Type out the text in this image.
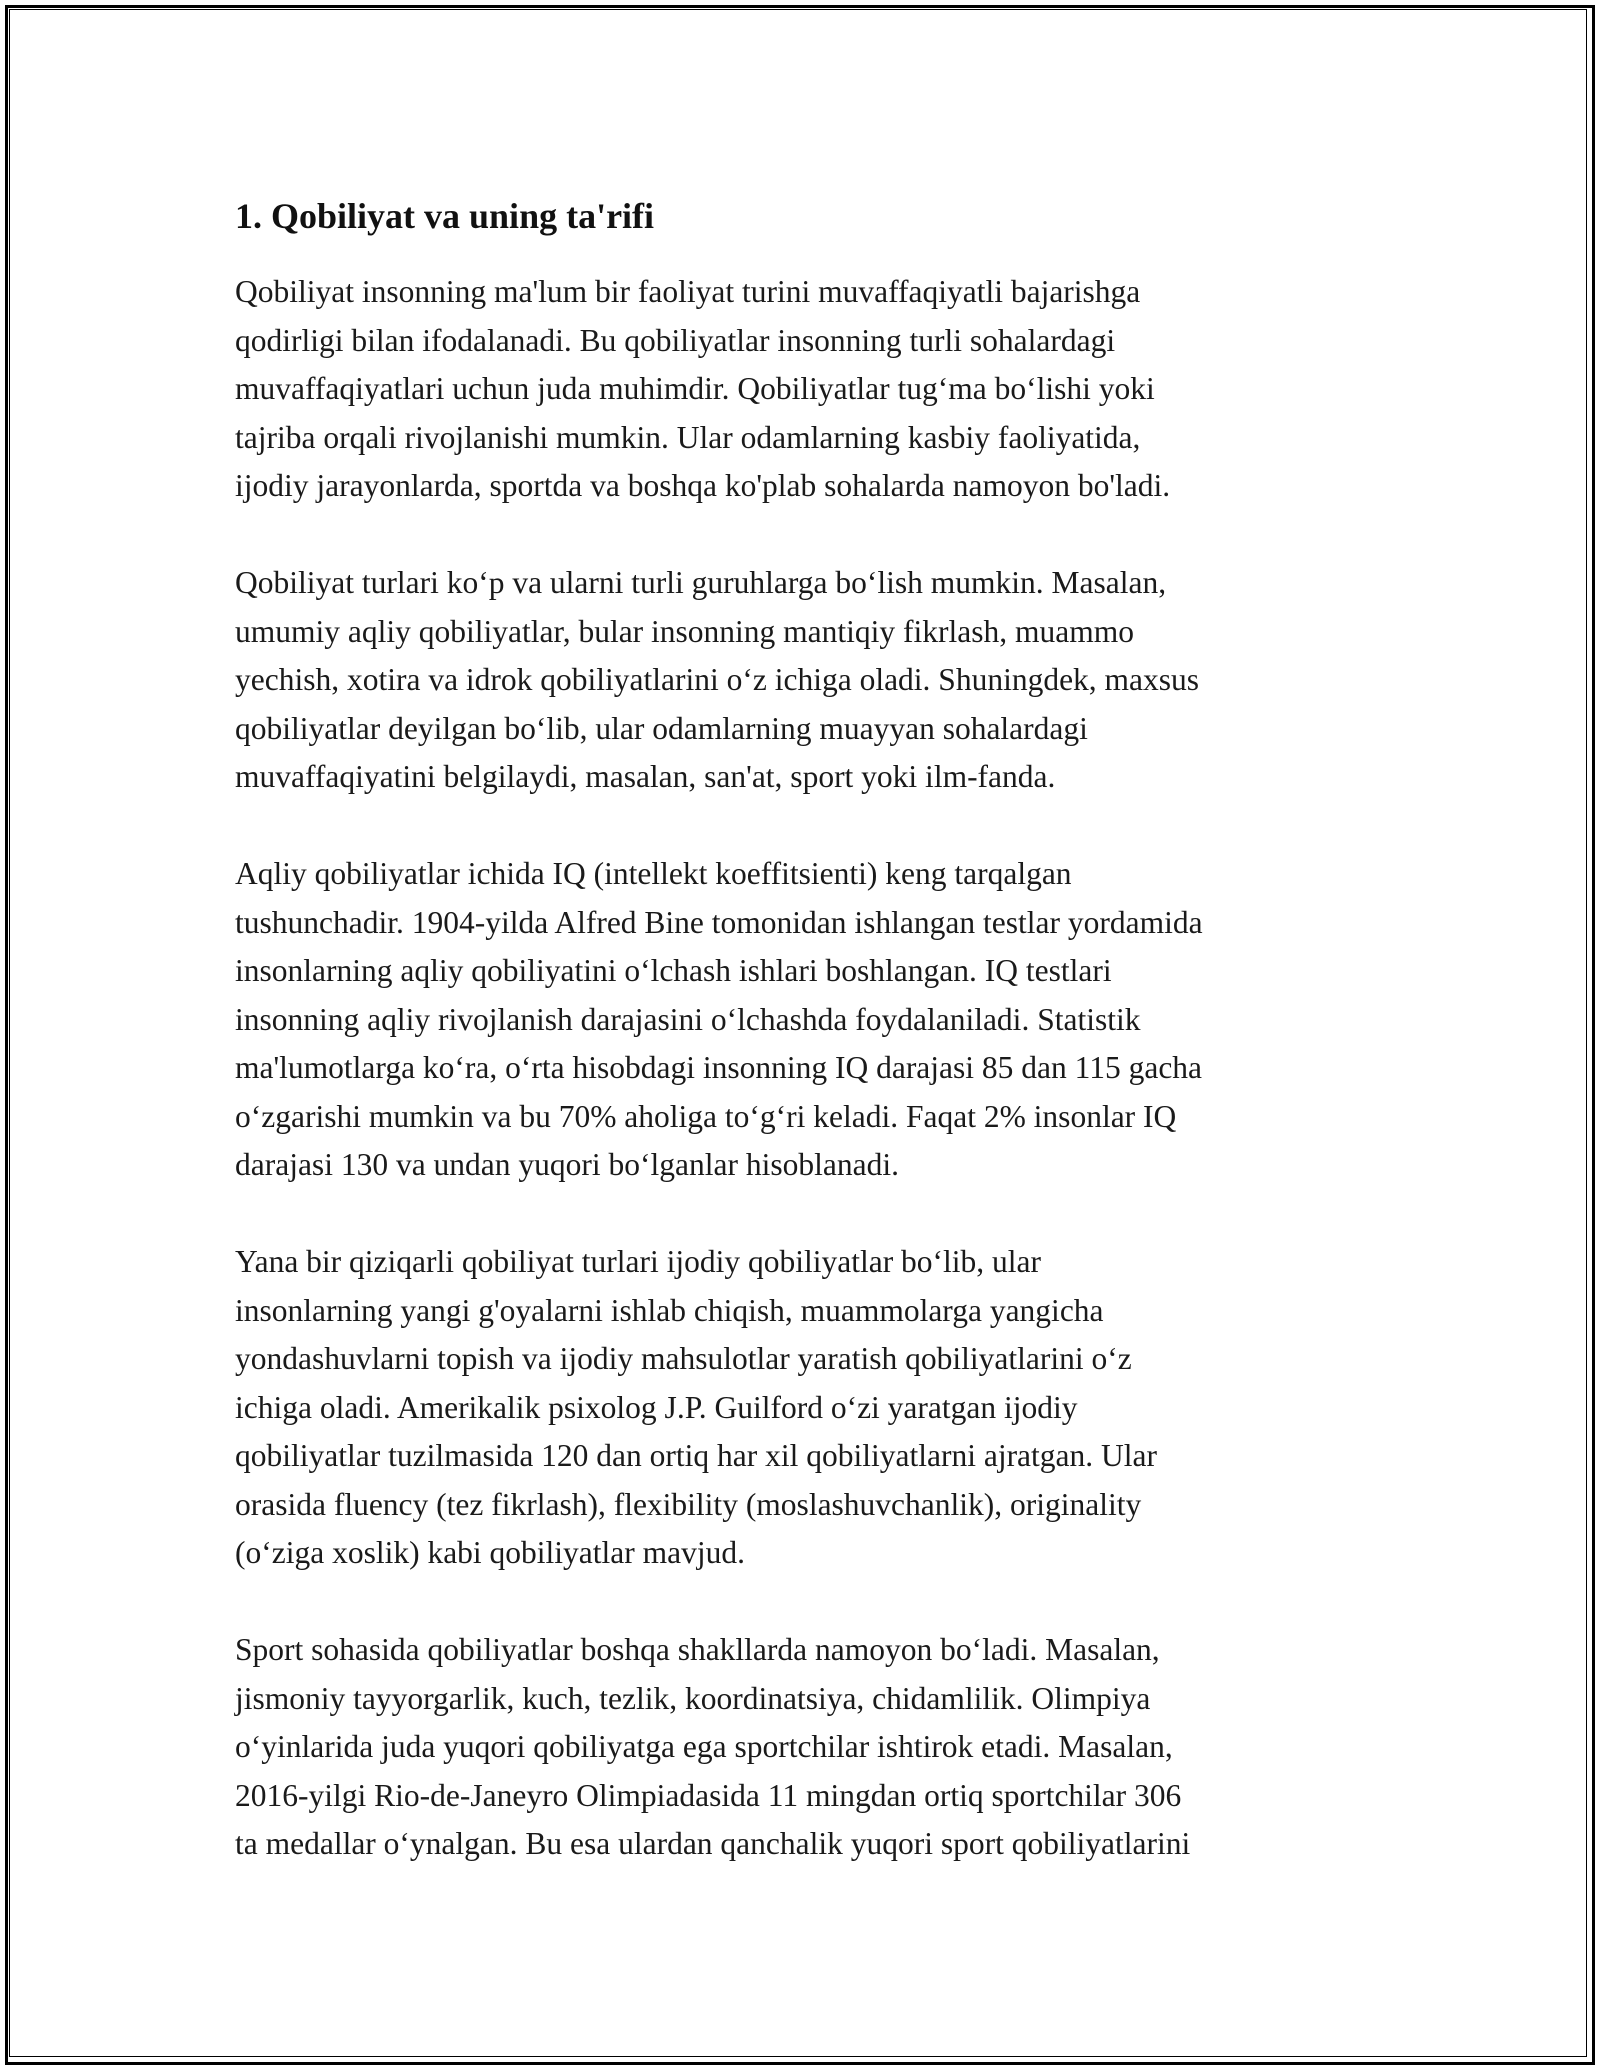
1. Qobiliyat va uning ta'rifi

Qobiliyat insonning ma'lum bir faoliyat turini muvaffaqiyatli bajarishga
qodirligi bilan ifodalanadi. Bu qobiliyatlar insonning turli sohalardagi
muvaffaqiyatlari uchun juda muhimdir. Qobiliyatlar tug‘ma bo‘lishi yoki
tajriba orqali rivojlanishi mumkin. Ular odamlarning kasbiy faoliyatida,
ijodiy jarayonlarda, sportda va boshqa ko'plab sohalarda namoyon bo'ladi.

Qobiliyat turlari ko‘p va ularni turli guruhlarga bo‘lish mumkin. Masalan,
umumiy aqliy qobiliyatlar, bular insonning mantiqiy fikrlash, muammo
yechish, xotira va idrok qobiliyatlarini o‘z ichiga oladi. Shuningdek, maxsus
qobiliyatlar deyilgan bo‘lib, ular odamlarning muayyan sohalardagi
muvaffaqiyatini belgilaydi, masalan, san'at, sport yoki ilm-fanda.

Aqliy qobiliyatlar ichida IQ (intellekt koeffitsienti) keng tarqalgan
tushunchadir. 1904-yilda Alfred Bine tomonidan ishlangan testlar yordamida
insonlarning aqliy qobiliyatini o‘lchash ishlari boshlangan. IQ testlari
insonning aqliy rivojlanish darajasini o‘lchashda foydalaniladi. Statistik
ma'lumotlarga ko‘ra, o‘rta hisobdagi insonning IQ darajasi 85 dan 115 gacha
o‘zgarishi mumkin va bu 70% aholiga to‘g‘ri keladi. Faqat 2% insonlar IQ
darajasi 130 va undan yuqori bo‘lganlar hisoblanadi.

Yana bir qiziqarli qobiliyat turlari ijodiy qobiliyatlar bo‘lib, ular
insonlarning yangi g'oyalarni ishlab chiqish, muammolarga yangicha
yondashuvlarni topish va ijodiy mahsulotlar yaratish qobiliyatlarini o‘z
ichiga oladi. Amerikalik psixolog J.P. Guilford o‘zi yaratgan ijodiy
qobiliyatlar tuzilmasida 120 dan ortiq har xil qobiliyatlarni ajratgan. Ular
orasida fluency (tez fikrlash), flexibility (moslashuvchanlik), originality
(o‘ziga xoslik) kabi qobiliyatlar mavjud.

Sport sohasida qobiliyatlar boshqa shakllarda namoyon bo‘ladi. Masalan,
jismoniy tayyorgarlik, kuch, tezlik, koordinatsiya, chidamlilik. Olimpiya
o‘yinlarida juda yuqori qobiliyatga ega sportchilar ishtirok etadi. Masalan,
2016-yilgi Rio-de-Janeyro Olimpiadasida 11 mingdan ortiq sportchilar 306
ta medallar o‘ynalgan. Bu esa ulardan qanchalik yuqori sport qobiliyatlarini
